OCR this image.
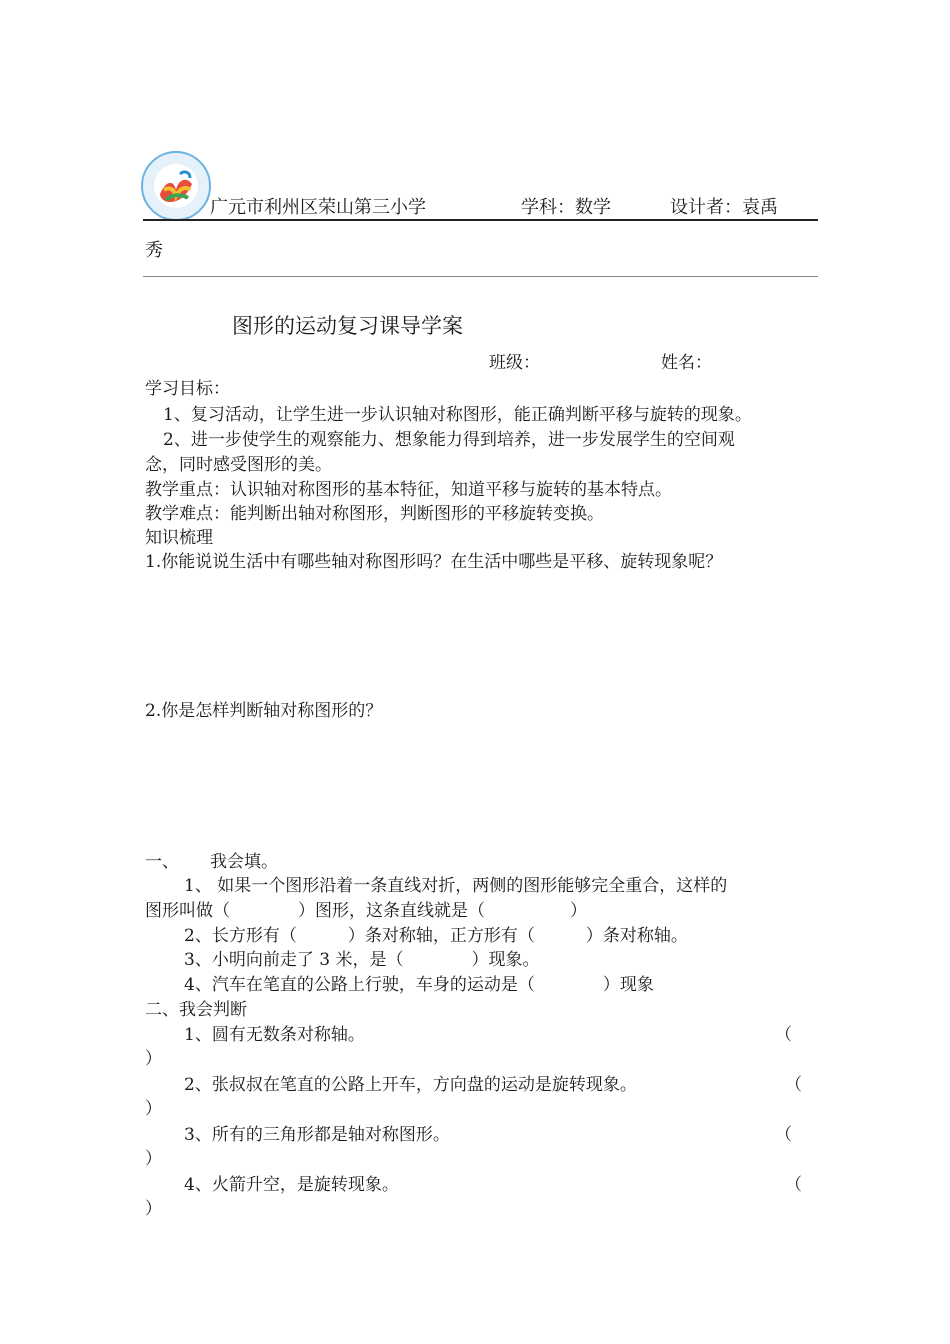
广元市利州区荣山第三小学	学科：数学	设计者：袁禹
秀
图形的运动复习课导学案
班级：	姓名：
学习目标：
1、复习活动，让学生进一步认识轴对称图形，能正确判断平移与旋转的现象。
2、进一步使学生的观察能力、想象能力得到培养，进一步发展学生的空间观
念，同时感受图形的美。
教学重点：认识轴对称图形的基本特征，知道平移与旋转的基本特点。
教学难点：能判断出轴对称图形，判断图形的平移旋转变换。
知识梳理
1.你能说说生活中有哪些轴对称图形吗？在生活中哪些是平移、旋转现象呢？
2.你是怎样判断轴对称图形的？
一、 我会填。
1、 如果一个图形沿着一条直线对折，两侧的图形能够完全重合，这样的
图形叫做（　　　　）图形，这条直线就是（　　　　　）
2、长方形有（　　　）条对称轴，正方形有（　　　）条对称轴。
3、小明向前走了 3 米，是（　　　　）现象。
4、汽车在笔直的公路上行驶，车身的运动是（　　　　）现象
二、我会判断
1、圆有无数条对称轴。	（
）
2、张叔叔在笔直的公路上开车，方向盘的运动是旋转现象。	（
）
3、所有的三角形都是轴对称图形。	（
）
4、火箭升空，是旋转现象。	（
）
